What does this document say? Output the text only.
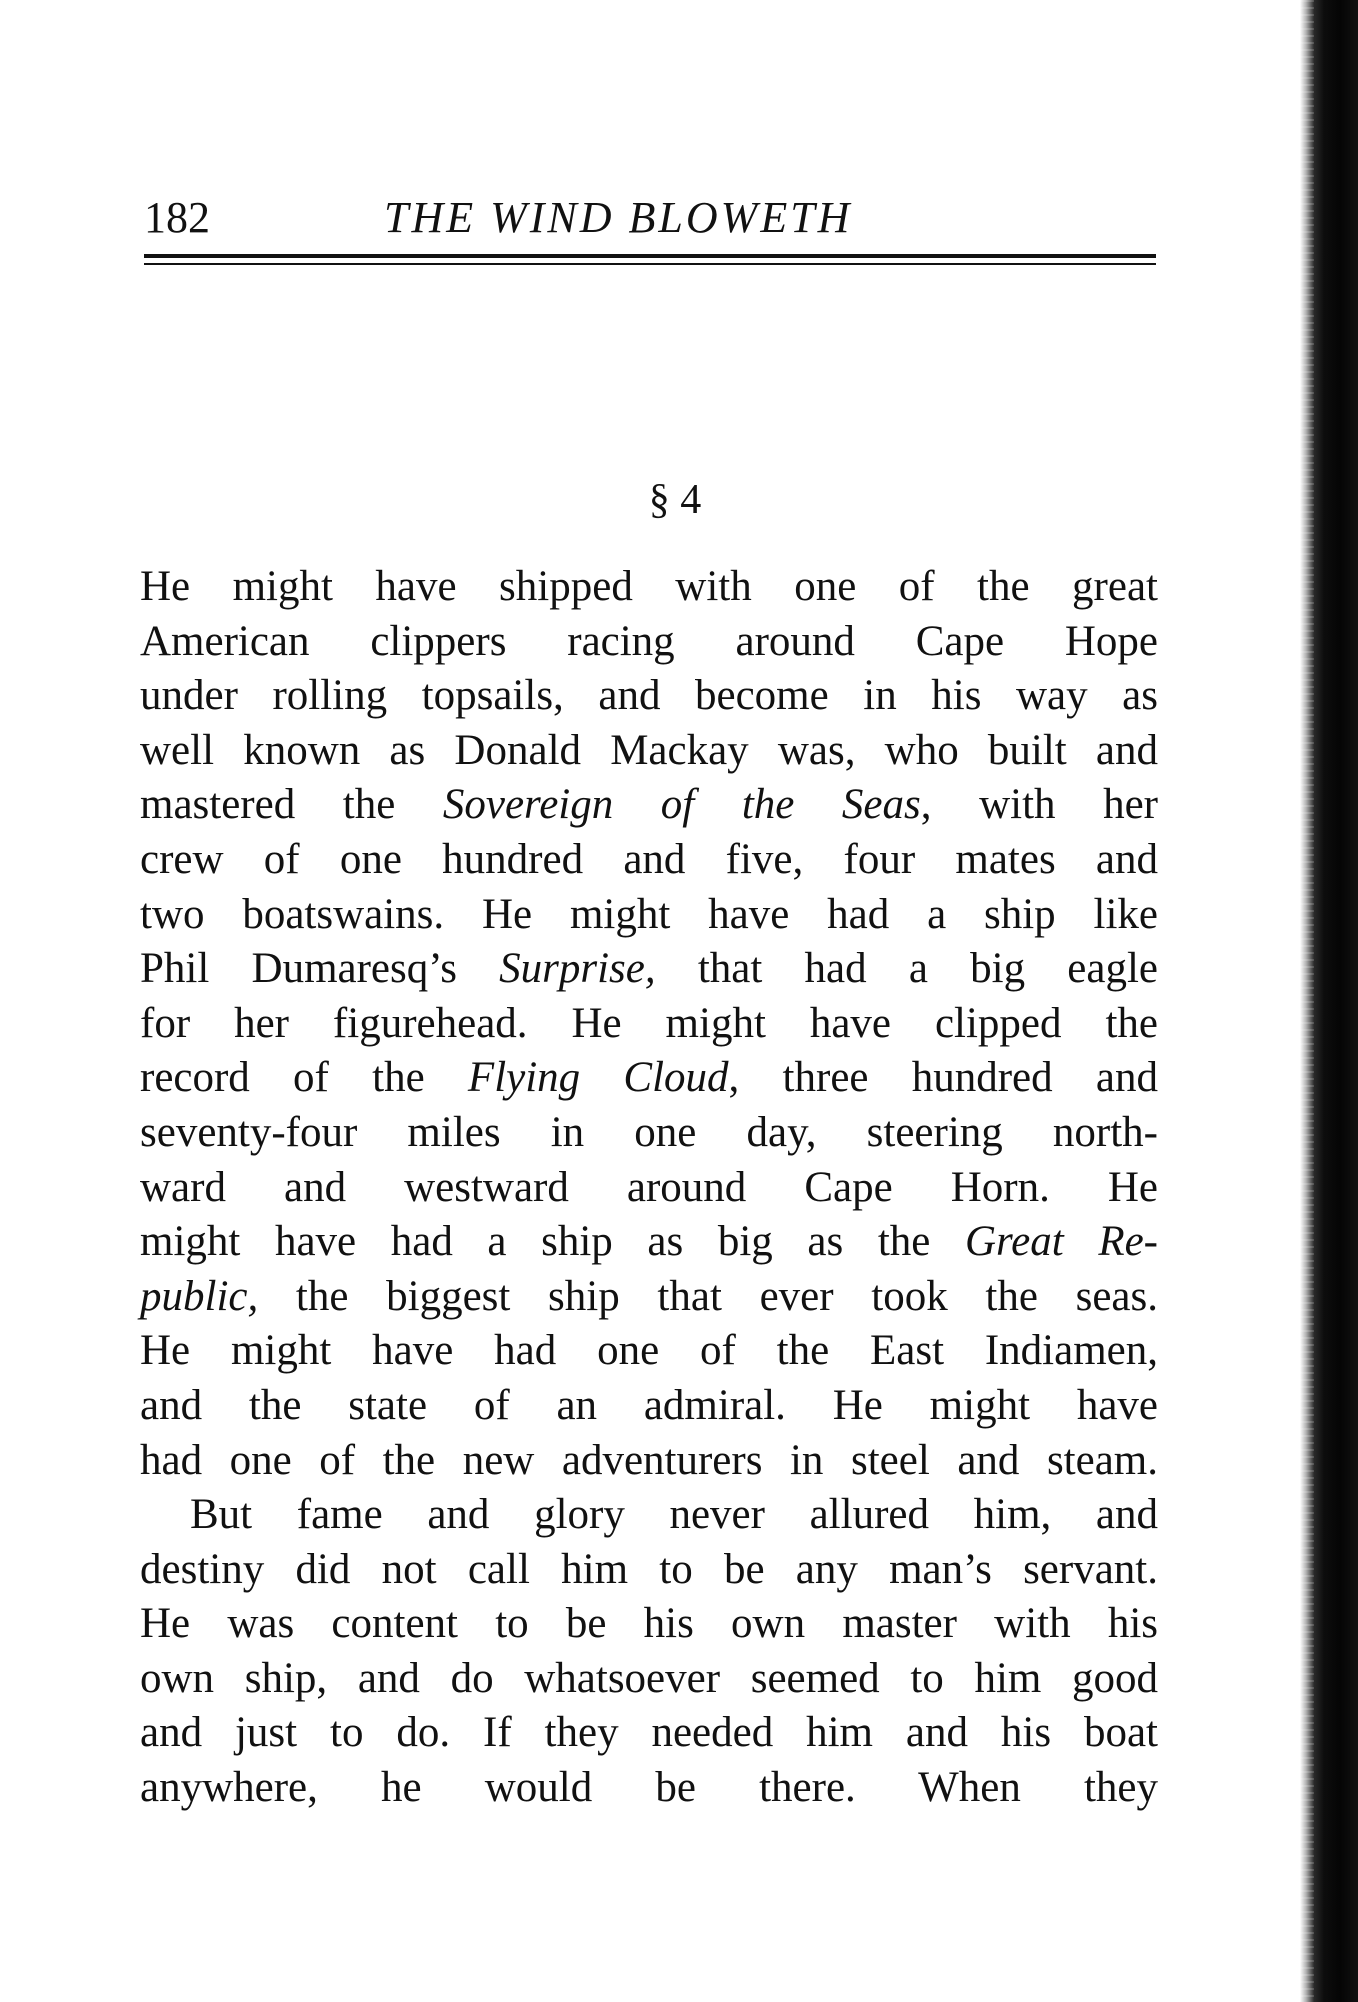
182	THE WIND BLOWETH
§ 4
He might have shipped with one of the great
American clippers racing around Cape Hope
under rolling topsails, and become in his way as
well known as Donald Mackay was, who built and
mastered the Sovereign of the Seas, with her
crew of one hundred and five, four mates and
two boatswains. He might have had a ship like
Phil Dumaresq’s Surprise, that had a big eagle
for her figurehead. He might have clipped the
record of the Flying Cloud, three hundred and
seventy-four miles in one day, steering north-
ward and westward around Cape Horn. He
might have had a ship as big as the Great Re-
public, the biggest ship that ever took the seas.
He might have had one of the East Indiamen,
and the state of an admiral. He might have
had one of the new adventurers in steel and steam.
But fame and glory never allured him, and
destiny did not call him to be any man’s servant.
He was content to be his own master with his
own ship, and do whatsoever seemed to him good
and just to do. If they needed him and his boat
anywhere, he would be there. When they
